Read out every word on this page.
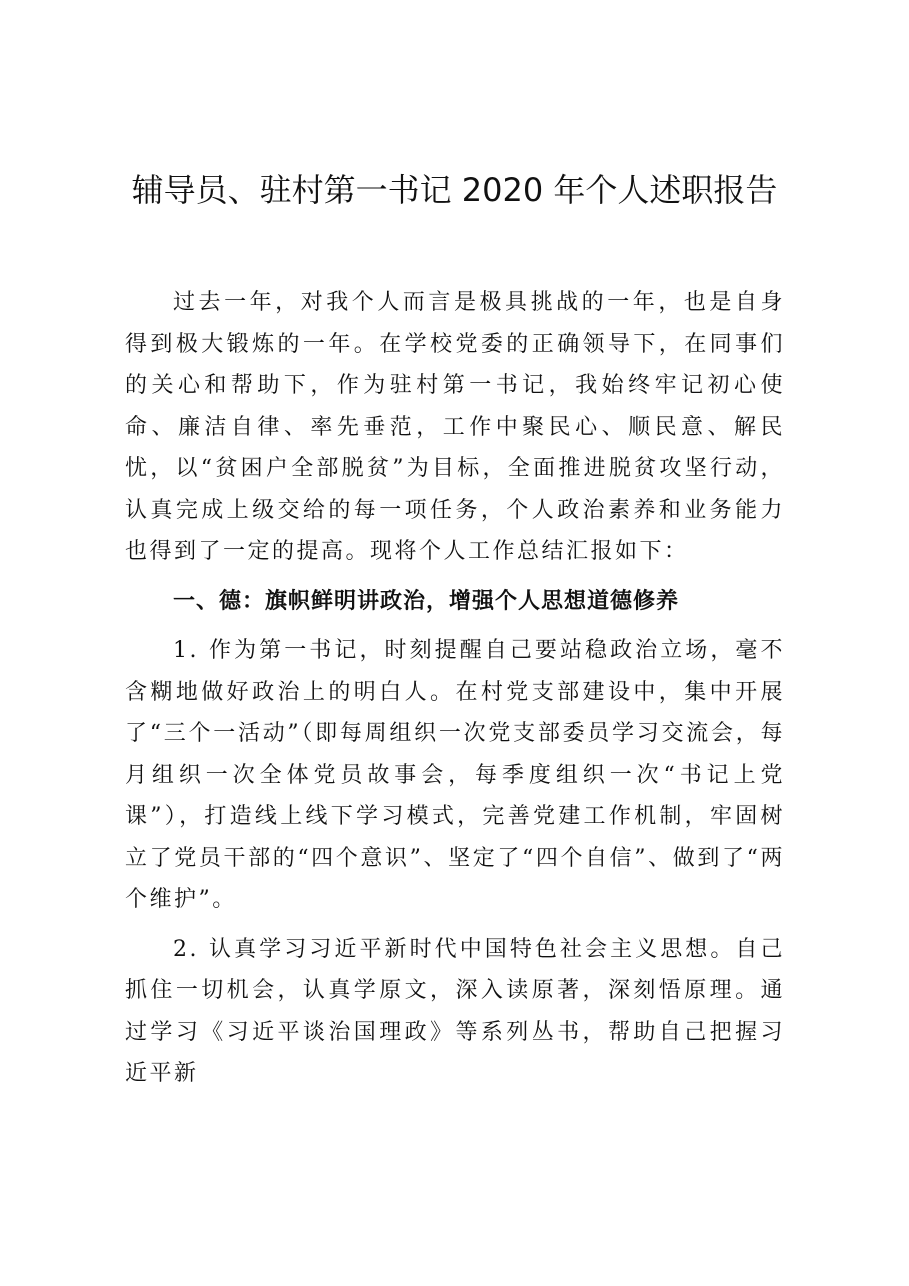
辅导员、驻村第一书记 2020 年个人述职报告

过去一年，对我个人而言是极具挑战的一年，也是自身得到极大锻炼的一年。在学校党委的正确领导下，在同事们的关心和帮助下，作为驻村第一书记，我始终牢记初心使命、廉洁自律、率先垂范，工作中聚民心、顺民意、解民忧，以“贫困户全部脱贫”为目标，全面推进脱贫攻坚行动，认真完成上级交给的每一项任务，个人政治素养和业务能力也得到了一定的提高。现将个人工作总结汇报如下：

一、德：旗帜鲜明讲政治，增强个人思想道德修养

1. 作为第一书记，时刻提醒自己要站稳政治立场，毫不含糊地做好政治上的明白人。在村党支部建设中，集中开展了“三个一活动”（即每周组织一次党支部委员学习交流会，每月组织一次全体党员故事会，每季度组织一次“书记上党课”），打造线上线下学习模式，完善党建工作机制，牢固树立了党员干部的“四个意识”、坚定了“四个自信”、做到了“两个维护”。

2. 认真学习习近平新时代中国特色社会主义思想。自己抓住一切机会，认真学原文，深入读原著，深刻悟原理。通过学习《习近平谈治国理政》等系列丛书，帮助自己把握习近平新
